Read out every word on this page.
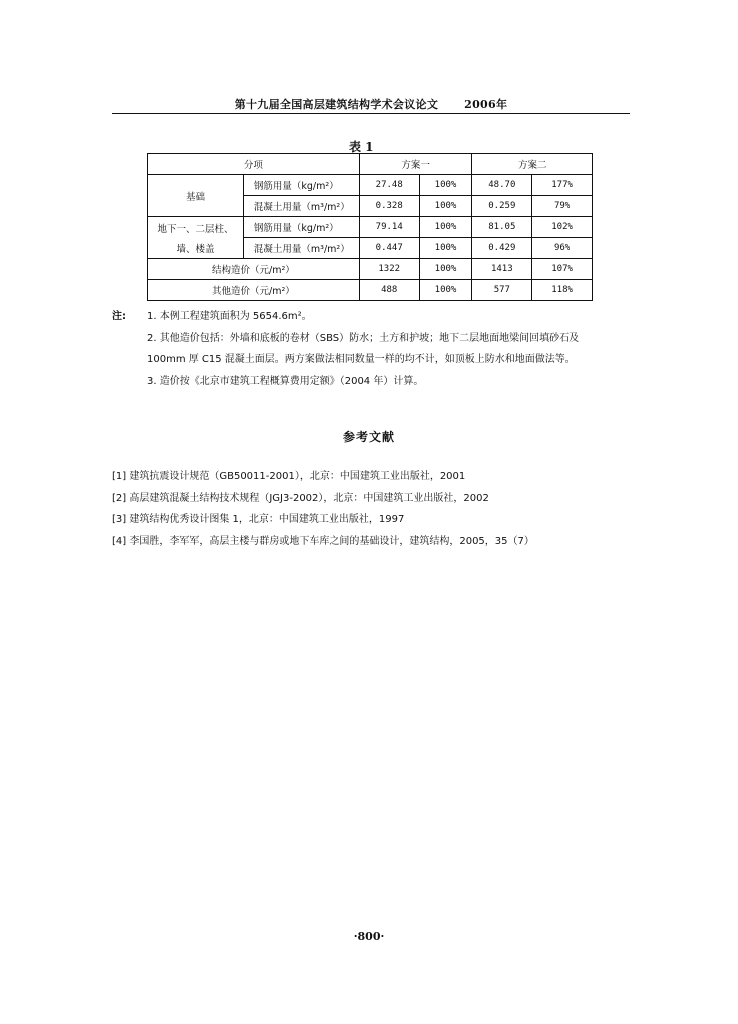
第十九届全国高层建筑结构学术会议论文 2006年
表 1
分项		方案一		方案二	
基础	钢筋用量（kg/m²）	27.48	100%	48.70	177%
	混凝土用量（m³/m²）	0.328	100%	0.259	79%

地下一、二层柱、
墙、楼盖	钢筋用量（kg/m²）	79.14	100%	81.05	102%
	混凝土用量（m³/m²）	0.447	100%	0.429	96%
结构造价（元/m²）		1322	100%	1413	107%
其他造价（元/m²）		488	100%	577	118%
注: 1. 本例工程建筑面积为 5654.6m²。

2. 其他造价包括：外墙和底板的卷材（SBS）防水；土方和护坡；地下二层地面地梁间回填砂石及

100mm 厚 C15 混凝土面层。两方案做法相同数量一样的均不计，如顶板上防水和地面做法等。

3. 造价按《北京市建筑工程概算费用定额》（2004 年）计算。

参考文献

[1] 建筑抗震设计规范（GB50011-2001），北京：中国建筑工业出版社，2001

[2] 高层建筑混凝土结构技术规程（JGJ3-2002），北京：中国建筑工业出版社，2002

[3] 建筑结构优秀设计图集 1，北京：中国建筑工业出版社，1997

[4] 李国胜，李军军，高层主楼与群房或地下车库之间的基础设计，建筑结构，2005，35（7）

·800·
